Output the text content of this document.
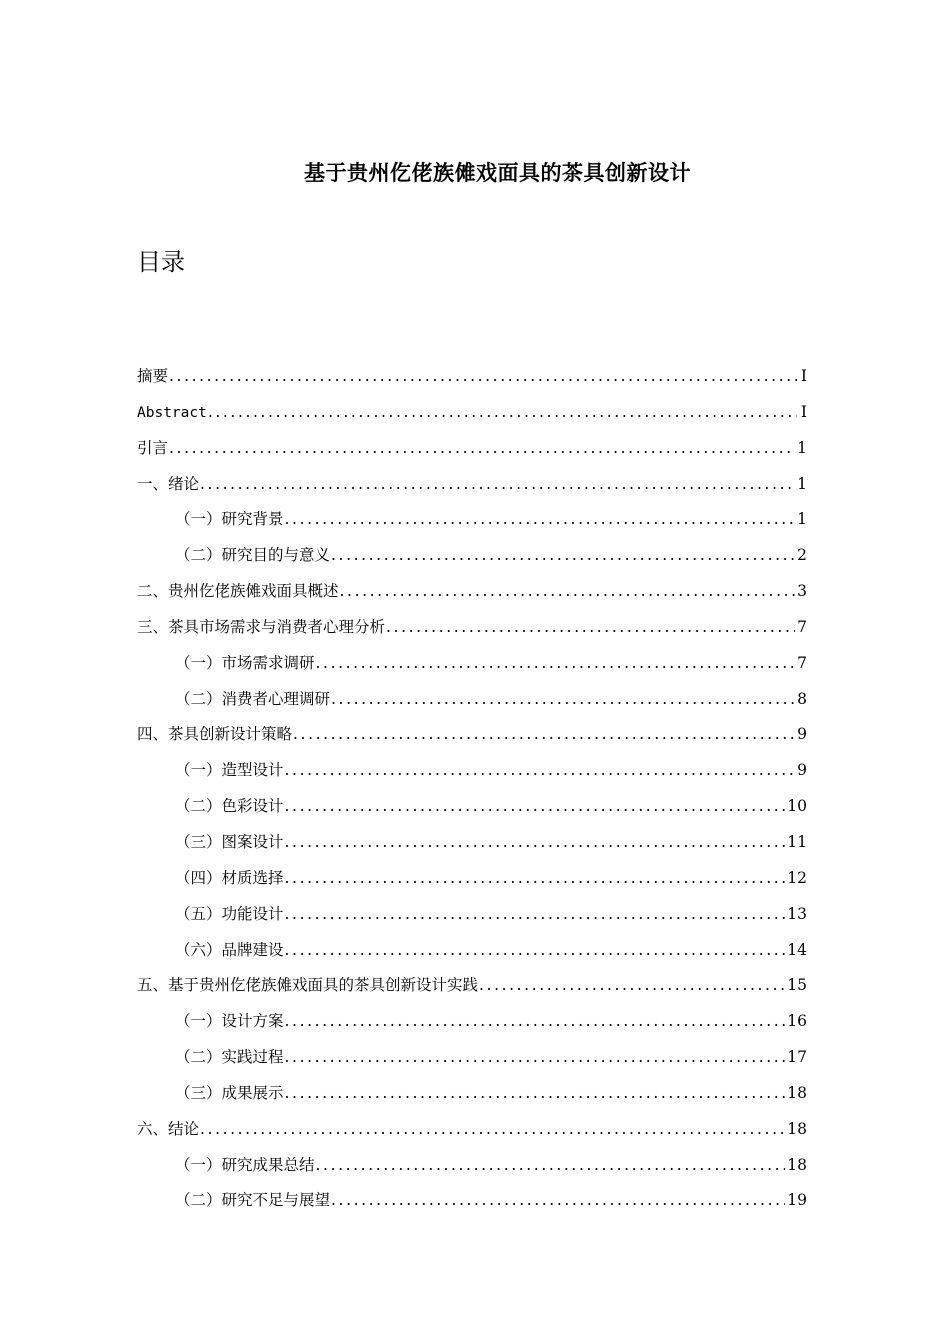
基于贵州仡佬族傩戏面具的茶具创新设计
目录
摘要 .....	I
Abstract .....	I
引言 .....	1
一、绪论 .....	1
（一）研究背景 .....	1
（二）研究目的与意义 .....	2
二、贵州仡佬族傩戏面具概述 .....	3
三、茶具市场需求与消费者心理分析 .....	7
（一）市场需求调研 .....	7
（二）消费者心理调研 .....	8
四、茶具创新设计策略 .....	9
（一）造型设计 .....	9
（二）色彩设计 .....	10
（三）图案设计 .....	11
（四）材质选择 .....	12
（五）功能设计 .....	13
（六）品牌建设 .....	14
五、基于贵州仡佬族傩戏面具的茶具创新设计实践 .....	15
（一）设计方案 .....	16
（二）实践过程 .....	17
（三）成果展示 .....	18
六、结论 .....	18
（一）研究成果总结 .....	18
（二）研究不足与展望 .....	19
